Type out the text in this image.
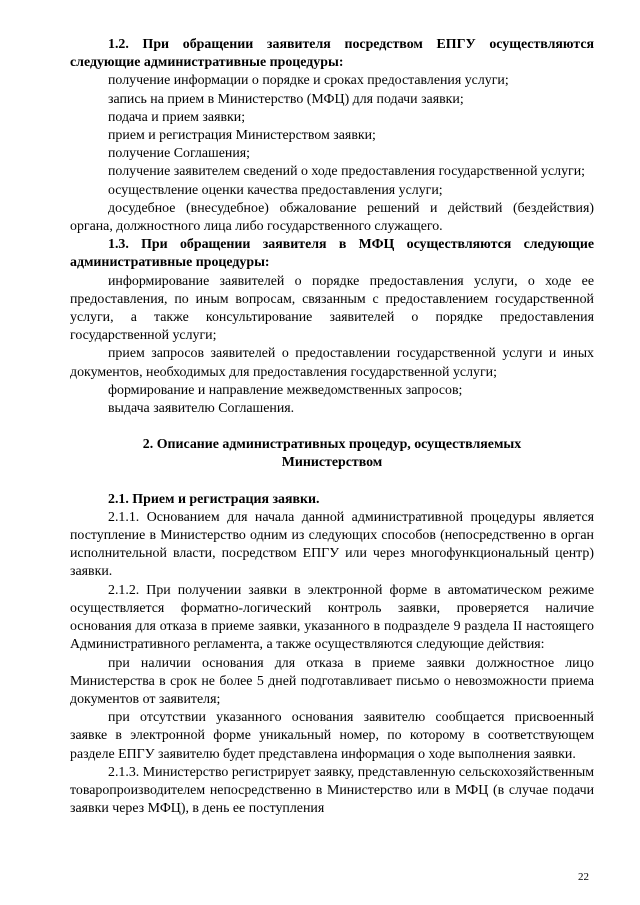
1.2. При обращении заявителя посредством ЕПГУ осуществляются следующие административные процедуры:

получение информации о порядке и сроках предоставления услуги;

запись на прием в Министерство (МФЦ) для подачи заявки;

подача и прием заявки;

прием и регистрация Министерством заявки;

получение Соглашения;

получение заявителем сведений о ходе предоставления государственной услуги;

осуществление оценки качества предоставления услуги;

досудебное (внесудебное) обжалование решений и действий (бездействия) органа, должностного лица либо государственного служащего.

1.3. При обращении заявителя в МФЦ осуществляются следующие административные процедуры:

информирование заявителей о порядке предоставления услуги, о ходе ее предоставления, по иным вопросам, связанным с предоставлением государственной услуги, а также консультирование заявителей о порядке предоставления государственной услуги;

прием запросов заявителей о предоставлении государственной услуги и иных документов, необходимых для предоставления государственной услуги;

формирование и направление межведомственных запросов;

выдача заявителю Соглашения.

2. Описание административных процедур, осуществляемых

Министерством

2.1. Прием и регистрация заявки.

2.1.1. Основанием для начала данной административной процедуры является поступление в Министерство одним из следующих способов (непосредственно в орган исполнительной власти, посредством ЕПГУ или через многофункциональный центр) заявки.

2.1.2. При получении заявки в электронной форме в автоматическом режиме осуществляется форматно-логический контроль заявки, проверяется наличие основания для отказа в приеме заявки, указанного в подразделе 9 раздела II настоящего Административного регламента, а также осуществляются следующие действия:

при наличии основания для отказа в приеме заявки должностное лицо Министерства в срок не более 5 дней подготавливает письмо о невозможности приема документов от заявителя;

при отсутствии указанного основания заявителю сообщается присвоенный заявке в электронной форме уникальный номер, по которому в соответствующем разделе ЕПГУ заявителю будет представлена информация о ходе выполнения заявки.

2.1.3. Министерство регистрирует заявку, представленную сельскохозяйственным товаропроизводителем непосредственно в Министерство или в МФЦ (в случае подачи заявки через МФЦ), в день ее поступления

22
